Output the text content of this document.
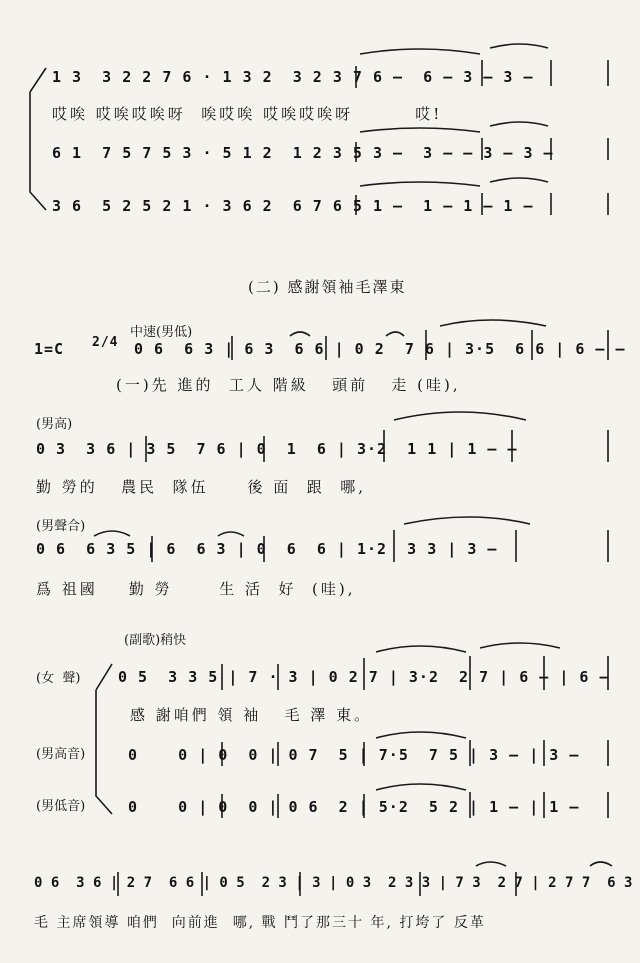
1 3  3 2 2 7 6 · 1 3 2  3 2 3 7 6 —  6 — 3 — 3 —
哎唉 哎唉哎唉呀  唉哎唉 哎唉哎唉呀        哎!
6 1  7 5 7 5 3 · 5 1 2  1 2 3 5 3 —  3 — — 3 — 3 —
3 6  5 2 5 2 1 · 3 6 2  6 7 6 5 1 —  1 — 1 — 1 —
(二) 感謝領袖毛澤東
中速(男低)
1=C 2/4 0 6  6 3 | 6 3  6 6 | 0 2  7 6 | 3·5  6 6 | 6 — —
(一)先 進的  工人 階級   頭前   走 (哇),
(男高)
0 3  3 6 | 3 5  7 6 | 0  1  6 | 3·2  1 1 | 1 — —
勤 勞的   農民  隊伍     後 面  跟  哪,
(男聲合)
0 6  6 3 5 | 6  6 3 | 0  6  6 | 1·2  3 3 | 3 —
爲 祖國    勤 勞      生 活  好  (哇),
(副歌)稍快
(女  聲)	0 5  3 3 5 | 7 · 3 | 0 2 7 | 3·2  2 7 | 6 — | 6 —
感 謝咱們 領 袖   毛 澤 東。
(男高音)	0    0 | 0  0 | 0 7  5 | 7·5  7 5 | 3 — | 3 —
(男低音)	0    0 | 0  0 | 0 6  2 | 5·2  5 2 | 1 — | 1 —
0 6  3 6 | 2 7  6 6 | 0 5  2 3 | 3 | 0 3  2 3 3 | 7 3  2 7 | 2 7 7  6 3
毛 主席領導 咱們  向前進  哪, 戰 鬥了那三十 年, 打垮了 反革
